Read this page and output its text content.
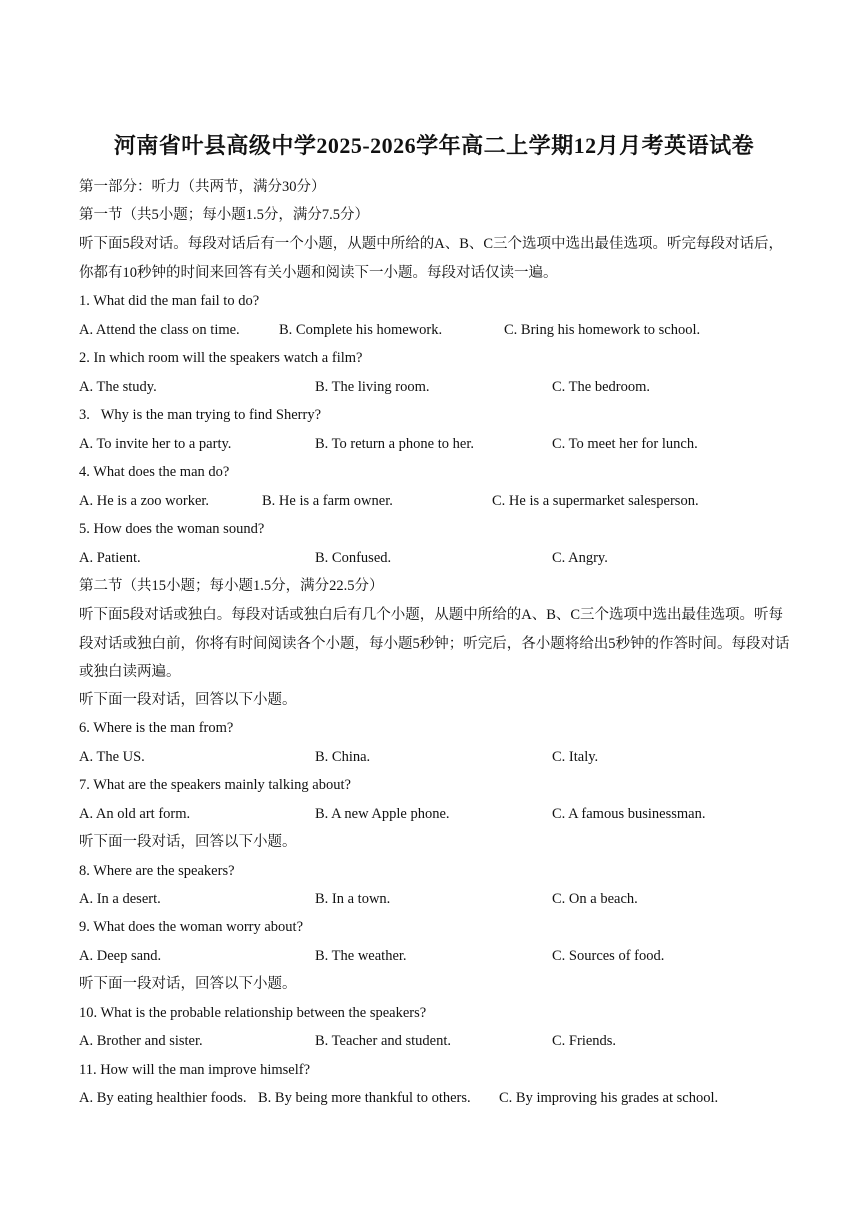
河南省叶县高级中学2025-2026学年高二上学期12月月考英语试卷
第一部分：听力（共两节，满分30分）
第一节（共5小题；每小题1.5分，满分7.5分）
听下面5段对话。每段对话后有一个小题，从题中所给的A、B、C三个选项中选出最佳选项。听完每段对话后，你都有10秒钟的时间来回答有关小题和阅读下一小题。每段对话仅读一遍。
1. What did the man fail to do?
A. Attend the class on time.	B. Complete his homework.	C. Bring his homework to school.
2. In which room will the speakers watch a film?
A. The study.	B. The living room.	C. The bedroom.
3.   Why is the man trying to find Sherry?
A. To invite her to a party.	B. To return a phone to her.	C. To meet her for lunch.
4. What does the man do?
A. He is a zoo worker.	B. He is a farm owner.	C. He is a supermarket salesperson.
5. How does the woman sound?
A. Patient.	B. Confused.	C. Angry.
第二节（共15小题；每小题1.5分，满分22.5分）
听下面5段对话或独白。每段对话或独白后有几个小题，从题中所给的A、B、C三个选项中选出最佳选项。听每段对话或独白前，你将有时间阅读各个小题，每小题5秒钟；听完后，各小题将给出5秒钟的作答时间。每段对话或独白读两遍。
听下面一段对话，回答以下小题。
6. Where is the man from?
A. The US.	B. China.	C. Italy.
7. What are the speakers mainly talking about?
A. An old art form.	B. A new Apple phone.	C. A famous businessman.
听下面一段对话，回答以下小题。
8. Where are the speakers?
A. In a desert.	B. In a town.	C. On a beach.
9. What does the woman worry about?
A. Deep sand.	B. The weather.	C. Sources of food.
听下面一段对话，回答以下小题。
10. What is the probable relationship between the speakers?
A. Brother and sister.	B. Teacher and student.	C. Friends.
11. How will the man improve himself?
A. By eating healthier foods. B. By being more thankful to others. C. By improving his grades at school.
